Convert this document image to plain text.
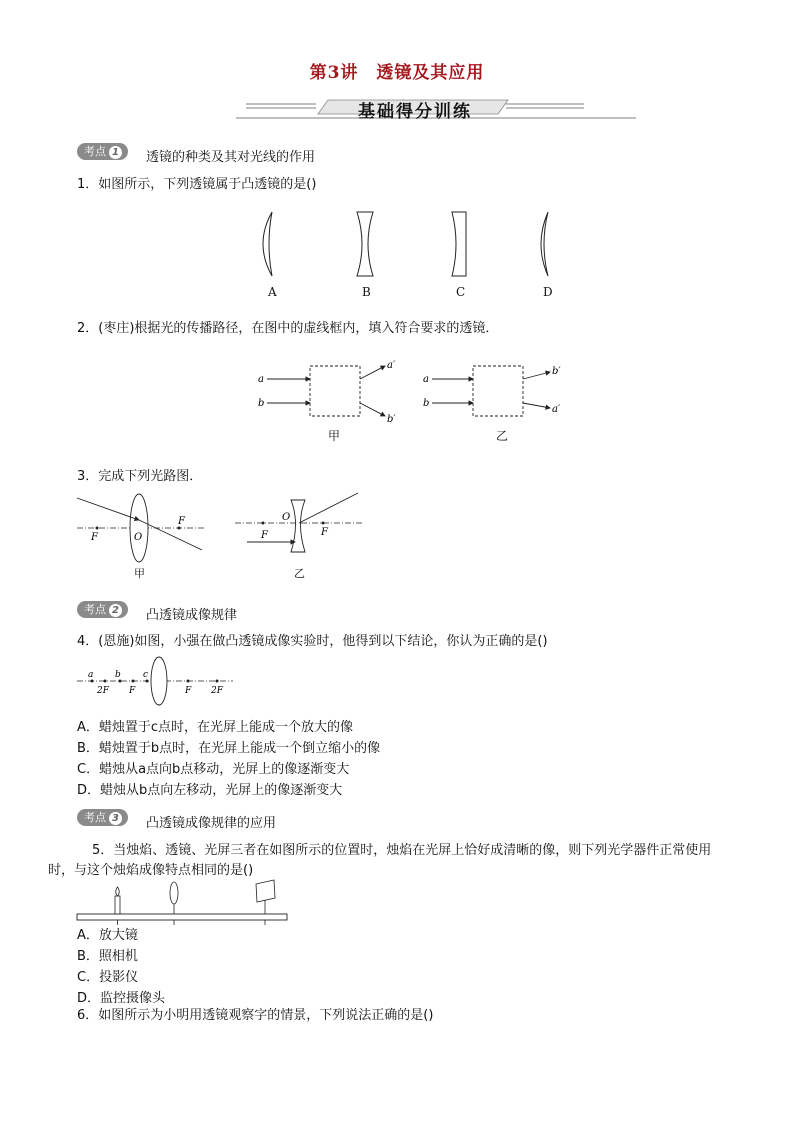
第3讲　透镜及其应用
基础得分训练
考点 1	透镜的种类及其对光线的作用
1．如图所示，下列透镜属于凸透镜的是()
A	B	C	D
2．(枣庄)根据光的传播路径，在图中的虚线框内，填入符合要求的透镜．
a
b
a′
b′
a
b
b′
a′
甲	乙
3．完成下列光路图．
F	O
F
F
O
F
甲	乙
考点 2	凸透镜成像规律
4．(恩施)如图，小强在做凸透镜成像实验时，他得到以下结论，你认为正确的是()
a b c
2F F	F 2F
A．蜡烛置于c点时，在光屏上能成一个放大的像
B．蜡烛置于b点时，在光屏上能成一个倒立缩小的像
C．蜡烛从a点向b点移动，光屏上的像逐渐变大
D．蜡烛从b点向左移动，光屏上的像逐渐变大
考点 3	凸透镜成像规律的应用
5．当烛焰、透镜、光屏三者在如图所示的位置时，烛焰在光屏上恰好成清晰的像，则下列光学器件正常使用
时，与这个烛焰成像特点相同的是()
A．放大镜
B．照相机
C．投影仪
D．监控摄像头
6．如图所示为小明用透镜观察字的情景，下列说法正确的是()
